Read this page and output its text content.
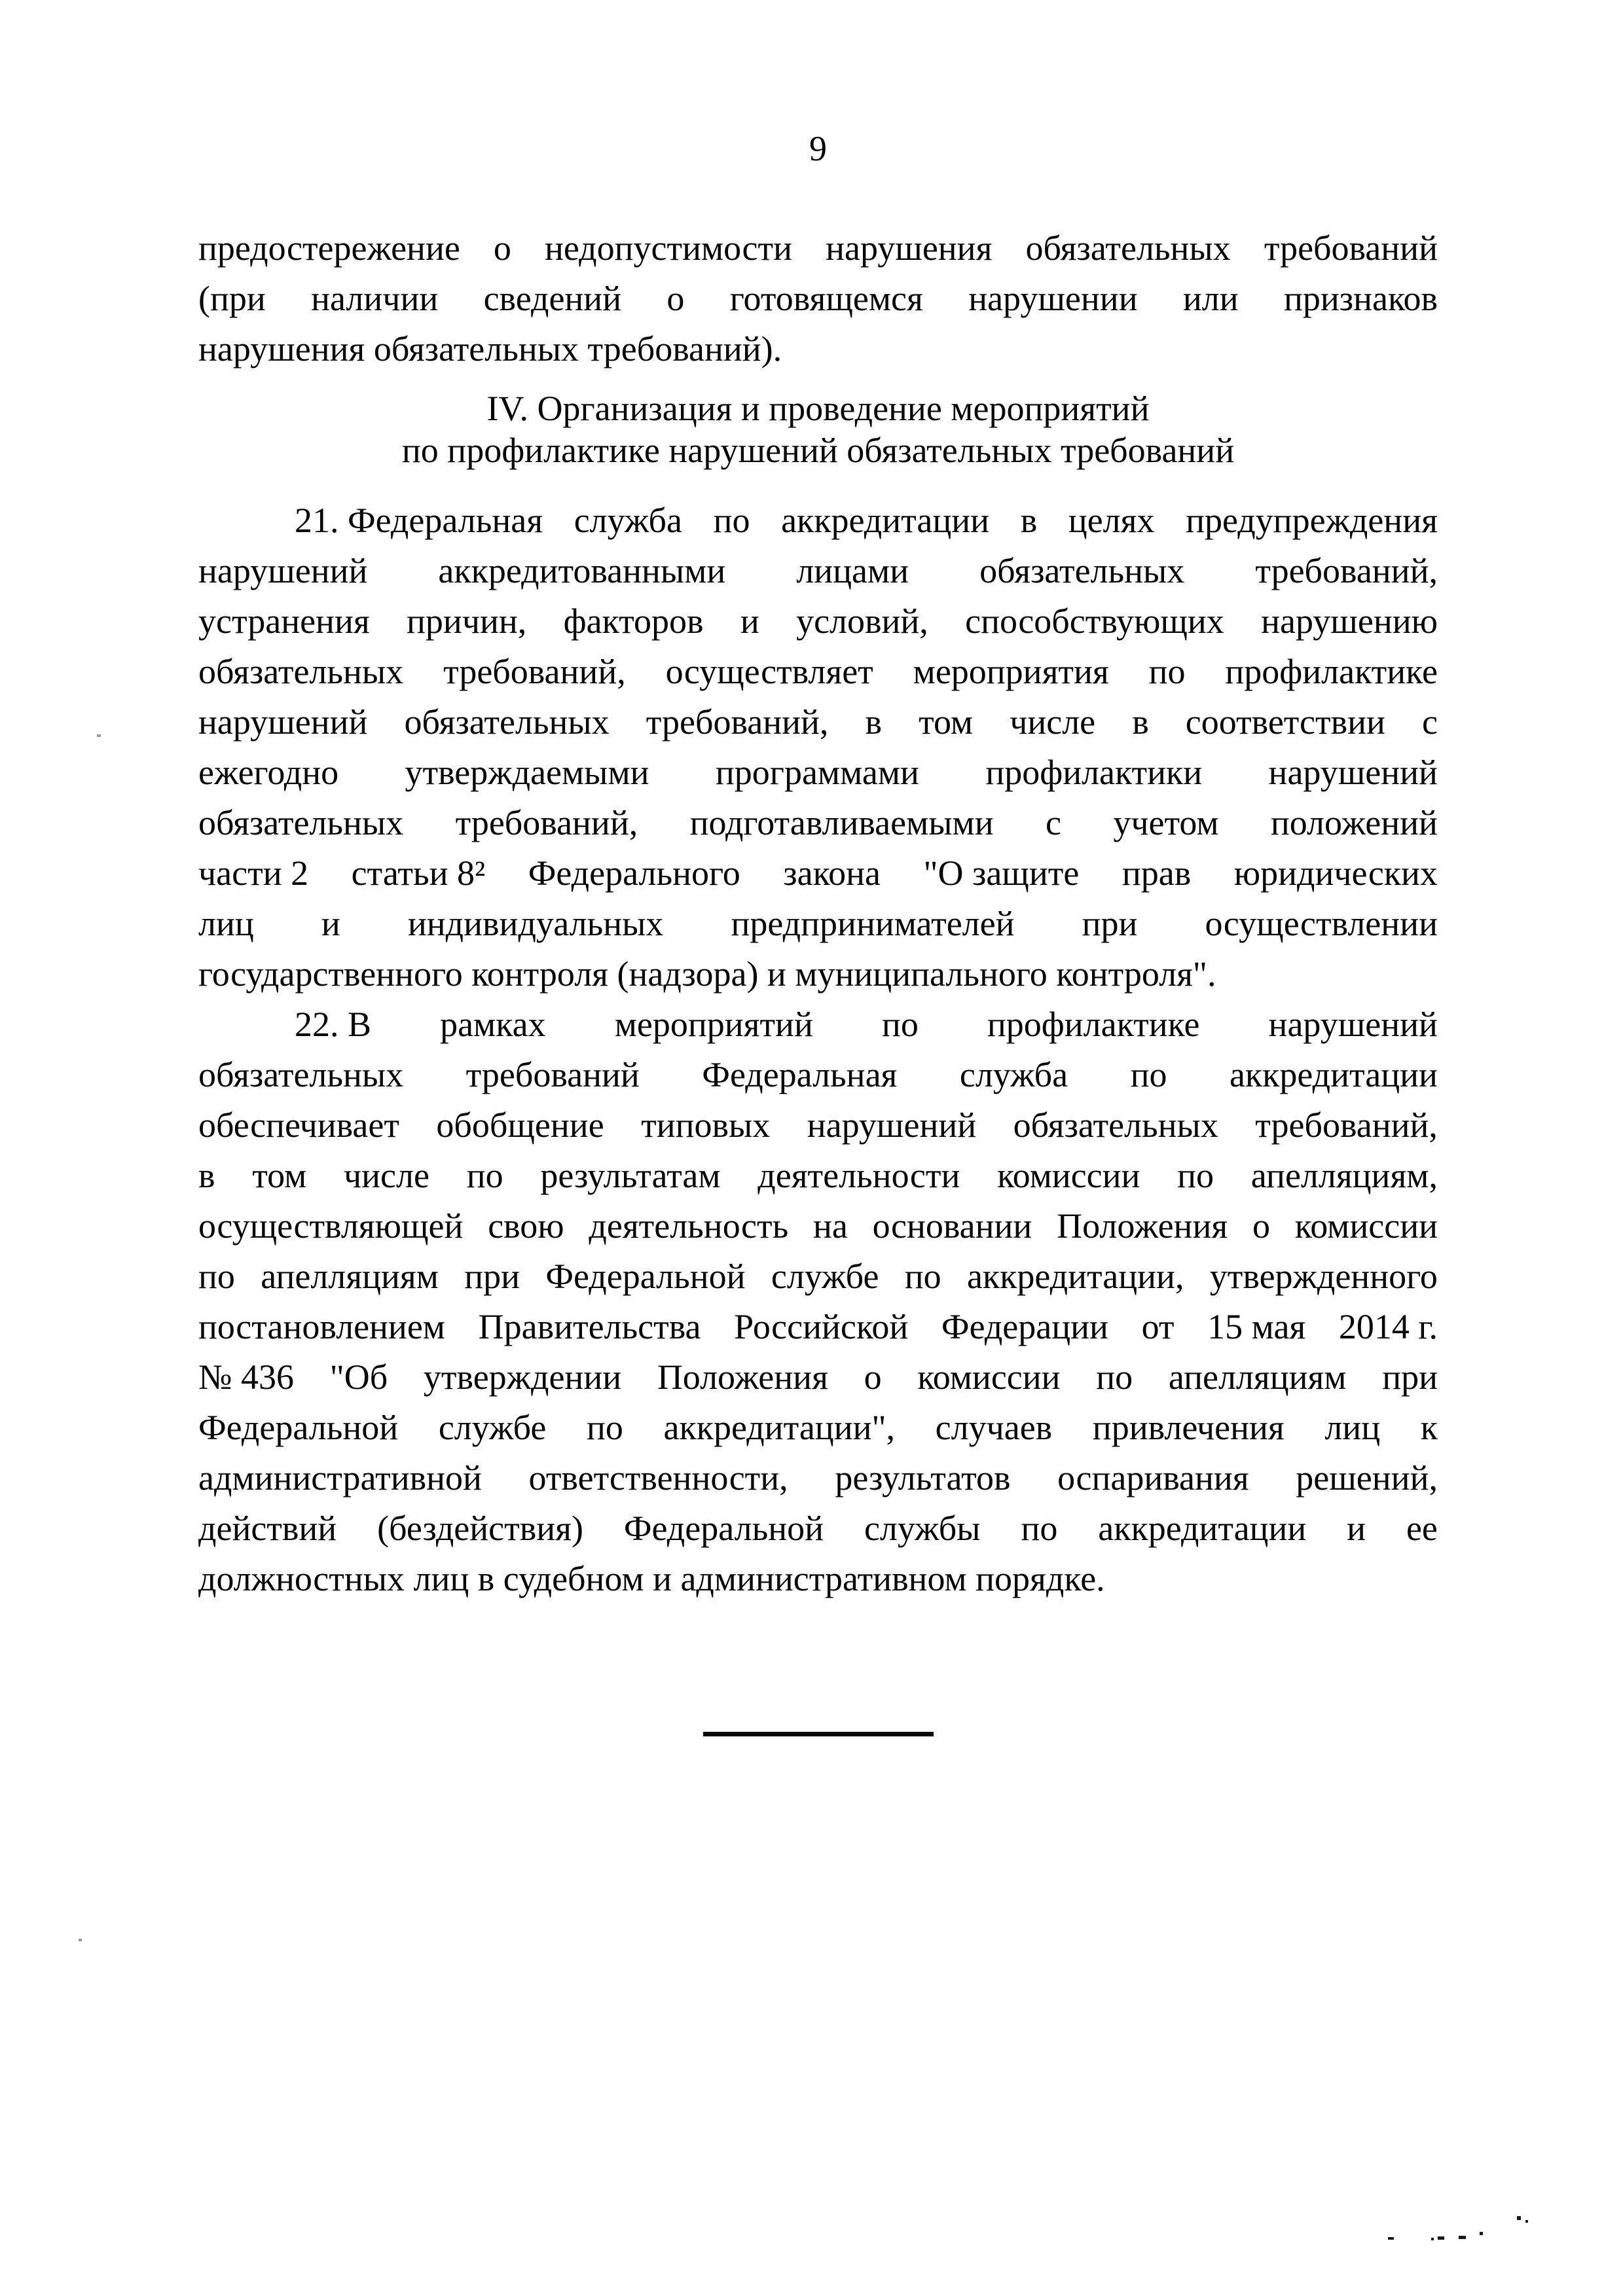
9
предостережение о недопустимости нарушения обязательных требований
(при наличии сведений о готовящемся нарушении или признаков
нарушения обязательных требований).
IV. Организация и проведение мероприятий
по профилактике нарушений обязательных требований
21. Федеральная служба по аккредитации в целях предупреждения
нарушений аккредитованными лицами обязательных требований,
устранения причин, факторов и условий, способствующих нарушению
обязательных требований, осуществляет мероприятия по профилактике
нарушений обязательных требований, в том числе в соответствии с
ежегодно утверждаемыми программами профилактики нарушений
обязательных требований, подготавливаемыми с учетом положений
части 2 статьи 8² Федерального закона "О защите прав юридических
лиц и индивидуальных предпринимателей при осуществлении
государственного контроля (надзора) и муниципального контроля".
22. В рамках мероприятий по профилактике нарушений
обязательных требований Федеральная служба по аккредитации
обеспечивает обобщение типовых нарушений обязательных требований,
в том числе по результатам деятельности комиссии по апелляциям,
осуществляющей свою деятельность на основании Положения о комиссии
по апелляциям при Федеральной службе по аккредитации, утвержденного
постановлением Правительства Российской Федерации от 15 мая 2014 г.
№ 436 "Об утверждении Положения о комиссии по апелляциям при
Федеральной службе по аккредитации", случаев привлечения лиц к
административной ответственности, результатов оспаривания решений,
действий (бездействия) Федеральной службы по аккредитации и ее
должностных лиц в судебном и административном порядке.
